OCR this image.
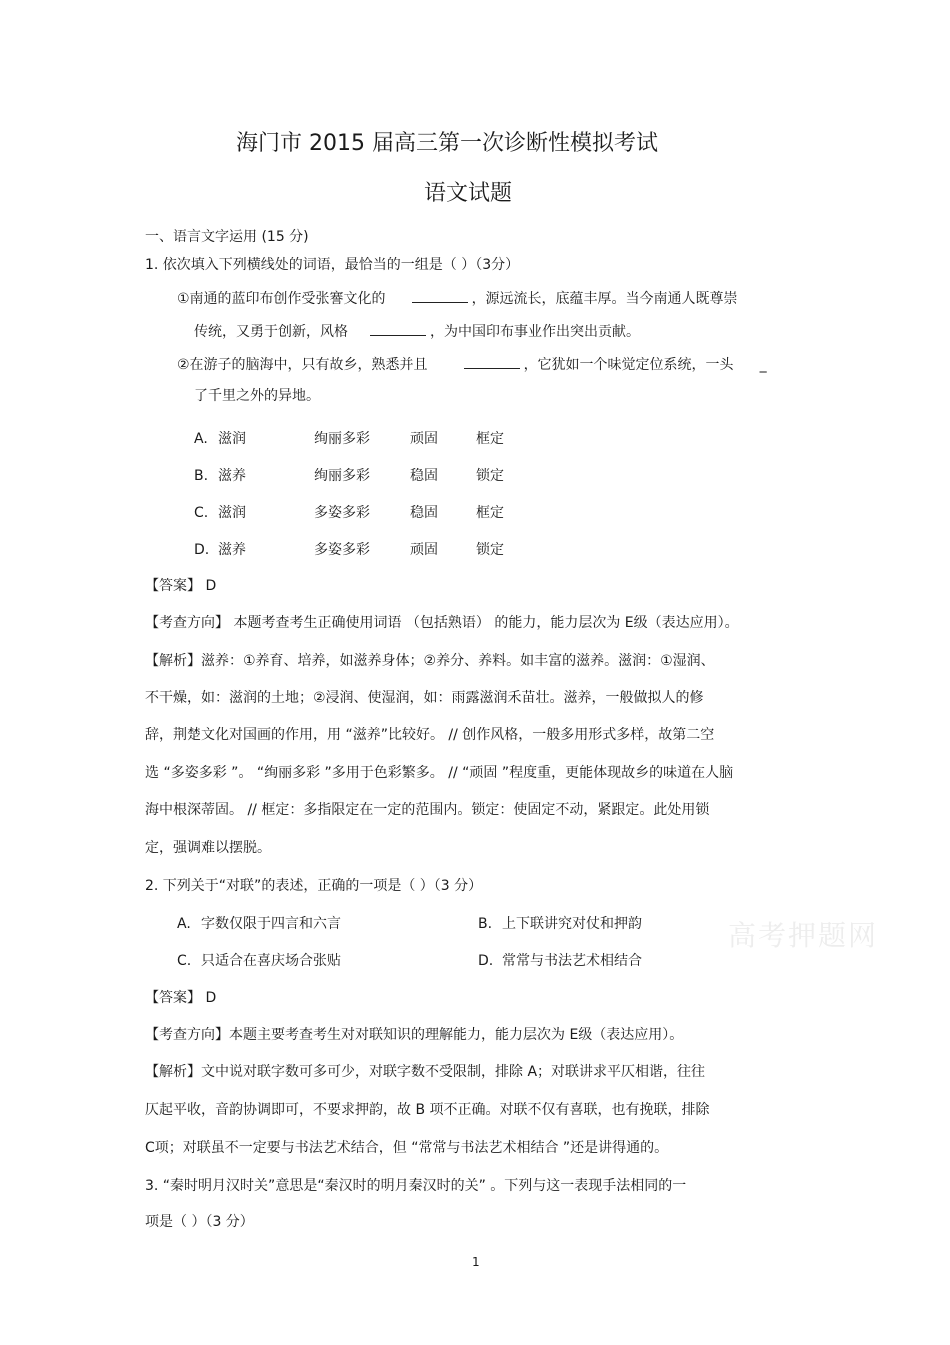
海门市 2015 届高三第一次诊断性模拟考试
语文试题
一、语言文字运用 (15 分)
1. 依次填入下列横线处的词语，最恰当的一组是（ ）（3分）
①南通的蓝印布创作受张謇文化的	，源远流长，底蕴丰厚。当今南通人既尊崇
传统，又勇于创新，风格	，为中国印布事业作出突出贡献。
②在游子的脑海中，只有故乡，熟悉并且	，它犹如一个味觉定位系统，一头 _
了千里之外的异地。
A. 滋润	绚丽多彩	顽固	框定
B. 滋养	绚丽多彩	稳固	锁定
C. 滋润	多姿多彩	稳固	框定
D. 滋养	多姿多彩	顽固	锁定
【答案】 D
【考查方向】 本题考查考生正确使用词语 （包括熟语） 的能力，能力层次为 E级（表达应用）。
【解析】滋养：①养育、培养，如滋养身体；②养分、养料。如丰富的滋养。滋润：①湿润、
不干燥，如：滋润的土地；②浸润、使湿润，如：雨露滋润禾苗壮。滋养，一般做拟人的修
辞，荆楚文化对国画的作用，用 “滋养”比较好。 // 创作风格，一般多用形式多样，故第二空
选 “多姿多彩 ”。 “绚丽多彩 ”多用于色彩繁多。 // “顽固 ”程度重，更能体现故乡的味道在人脑
海中根深蒂固。 // 框定：多指限定在一定的范围内。锁定：使固定不动，紧跟定。此处用锁
定，强调难以摆脱。
2. 下列关于“对联”的表述，正确的一项是（ ）（3 分）
A. 字数仅限于四言和六言	B. 上下联讲究对仗和押韵
C. 只适合在喜庆场合张贴	D. 常常与书法艺术相结合
【答案】 D
【考查方向】本题主要考查考生对对联知识的理解能力，能力层次为 E级（表达应用）。
【解析】文中说对联字数可多可少，对联字数不受限制，排除 A；对联讲求平仄相谐，往往
仄起平收，音韵协调即可，不要求押韵，故 B 项不正确。对联不仅有喜联，也有挽联，排除
C项；对联虽不一定要与书法艺术结合，但 “常常与书法艺术相结合 ”还是讲得通的。
3. “秦时明月汉时关”意思是“秦汉时的明月秦汉时的关” 。下列与这一表现手法相同的一
项是（ ）（3 分）
高考押题网
1
